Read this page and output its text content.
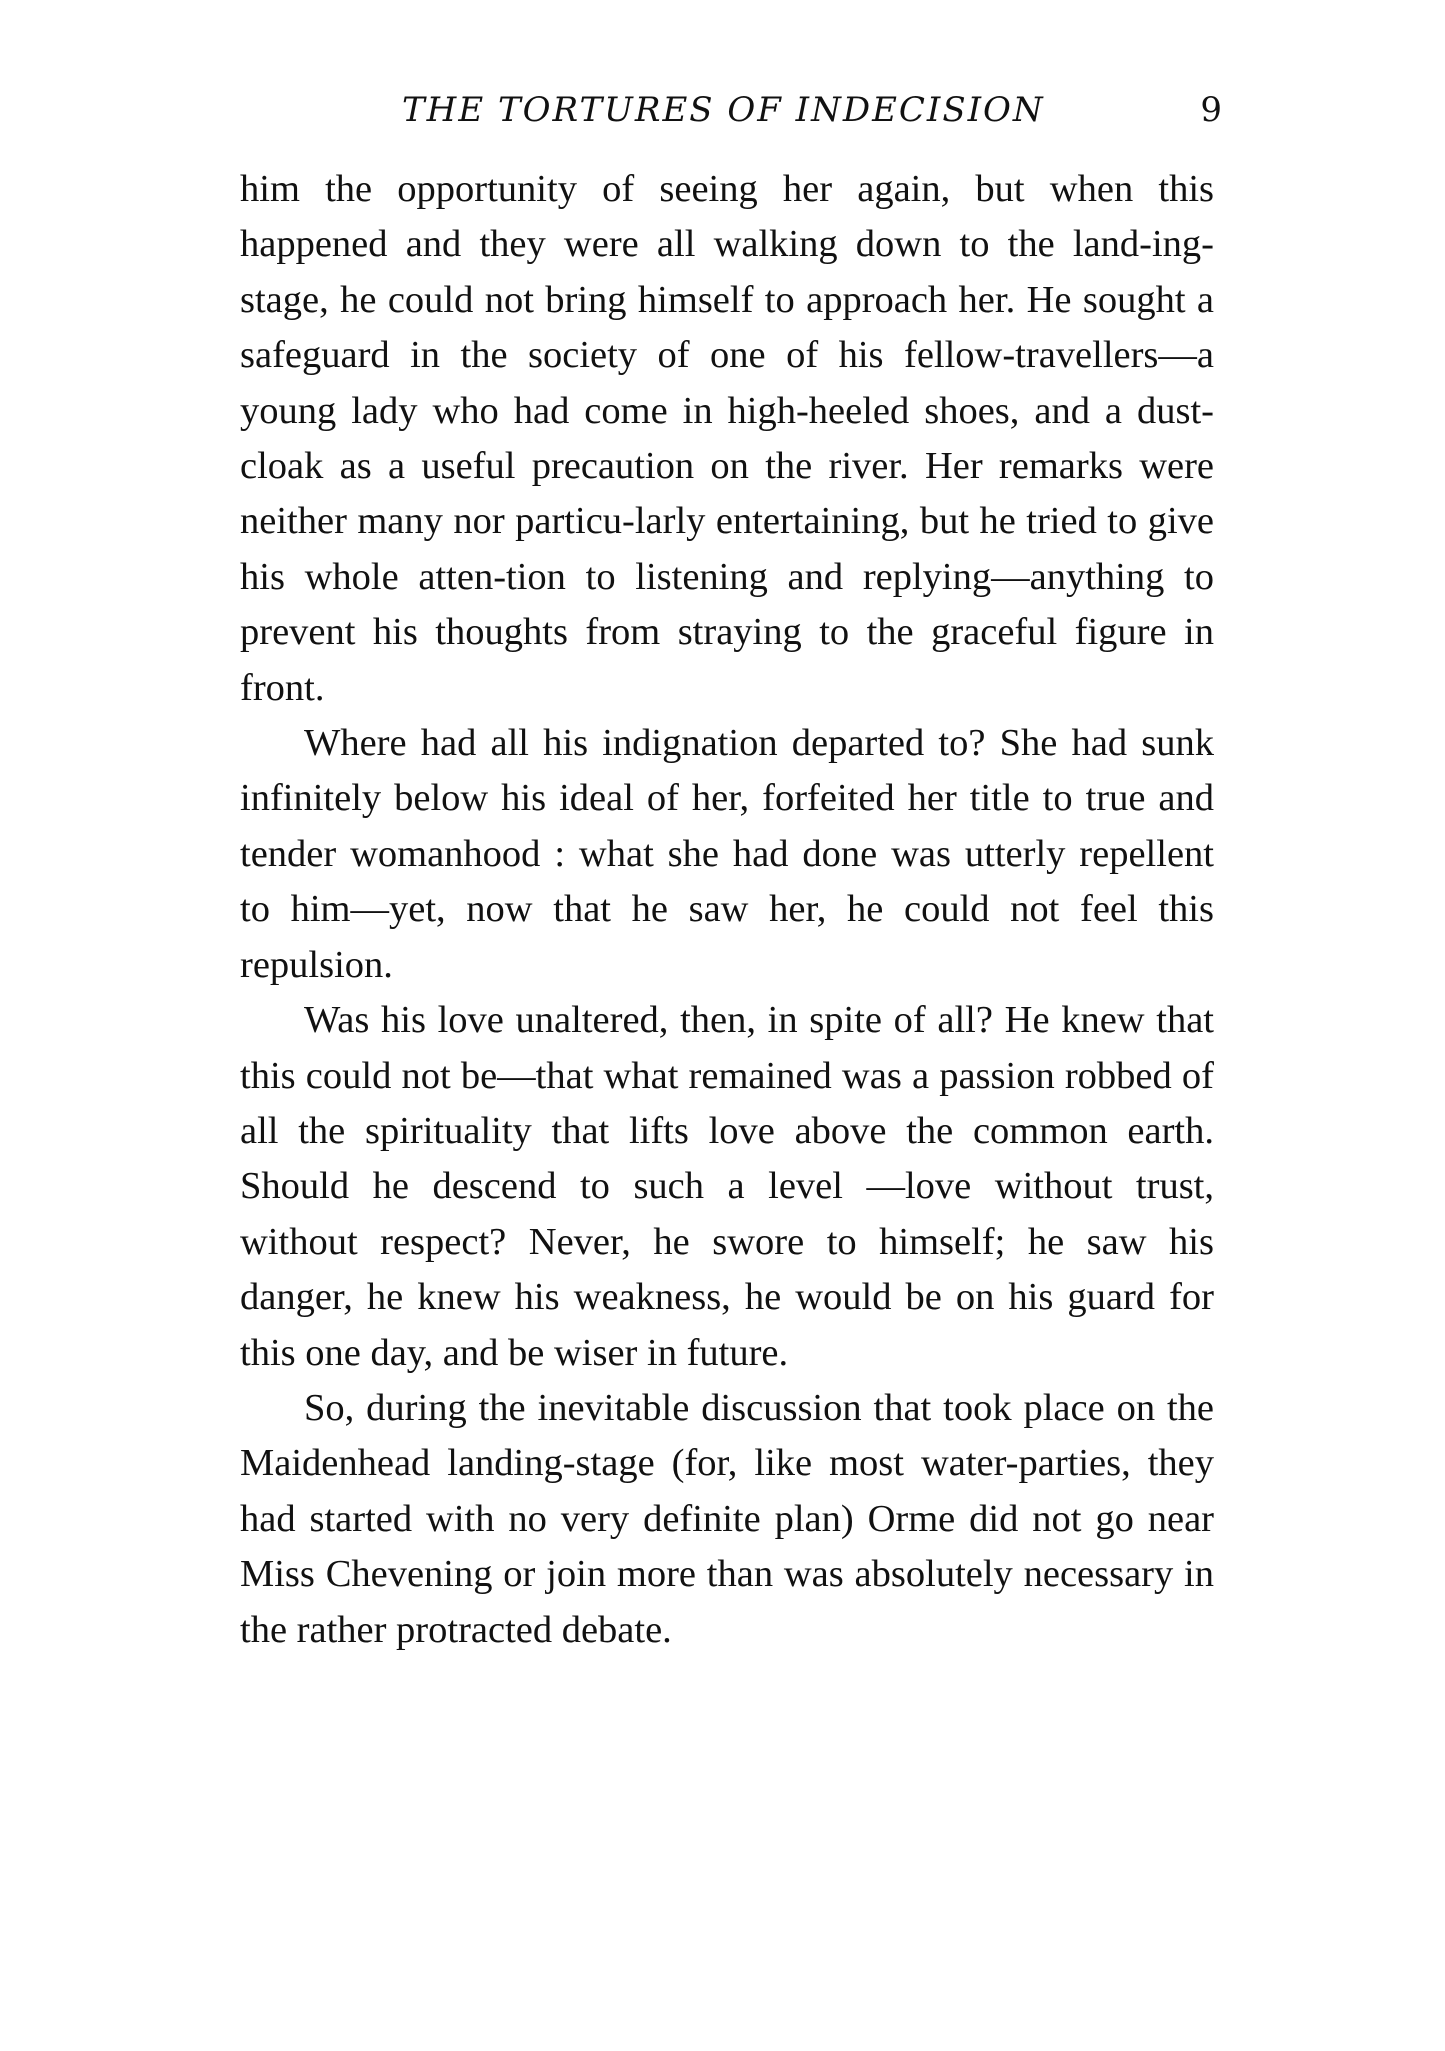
THE TORTURES OF INDECISION	9

him the opportunity of seeing her again, but when this happened and they were all walking down to the land-ing-stage, he could not bring himself to approach her. He sought a safeguard in the society of one of his fellow-travellers—a young lady who had come in high-heeled shoes, and a dust-cloak as a useful precaution on the river. Her remarks were neither many nor particu-larly entertaining, but he tried to give his whole atten-tion to listening and replying—anything to prevent his thoughts from straying to the graceful figure in front.

Where had all his indignation departed to? She had sunk infinitely below his ideal of her, forfeited her title to true and tender womanhood : what she had done was utterly repellent to him—yet, now that he saw her, he could not feel this repulsion.

Was his love unaltered, then, in spite of all? He knew that this could not be—that what remained was a passion robbed of all the spirituality that lifts love above the common earth. Should he descend to such a level —love without trust, without respect? Never, he swore to himself; he saw his danger, he knew his weakness, he would be on his guard for this one day, and be wiser in future.

So, during the inevitable discussion that took place on the Maidenhead landing-stage (for, like most water-parties, they had started with no very definite plan) Orme did not go near Miss Chevening or join more than was absolutely necessary in the rather protracted debate.
